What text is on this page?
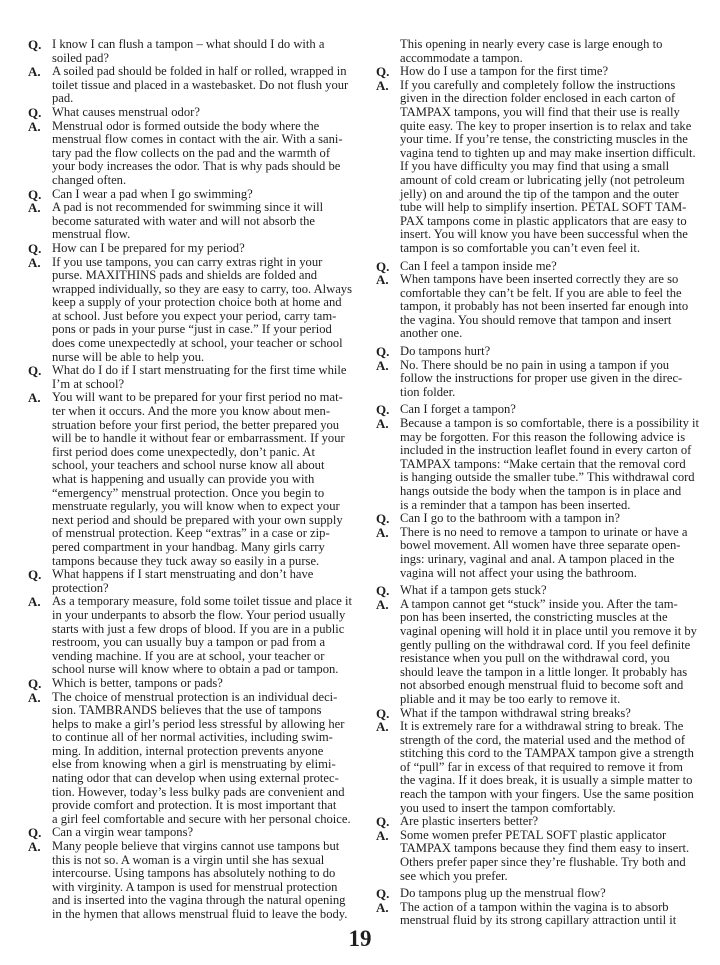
Q. I know I can flush a tampon – what should I do with a
soiled pad?
A. A soiled pad should be folded in half or rolled, wrapped in
toilet tissue and placed in a wastebasket. Do not flush your
pad.
Q. What causes menstrual odor?
A. Menstrual odor is formed outside the body where the
menstrual flow comes in contact with the air. With a sani-
tary pad the flow collects on the pad and the warmth of
your body increases the odor. That is why pads should be
changed often.
Q. Can I wear a pad when I go swimming?
A. A pad is not recommended for swimming since it will
become saturated with water and will not absorb the
menstrual flow.
Q. How can I be prepared for my period?
A. If you use tampons, you can carry extras right in your
purse. MAXITHINS pads and shields are folded and
wrapped individually, so they are easy to carry, too. Always
keep a supply of your protection choice both at home and
at school. Just before you expect your period, carry tam-
pons or pads in your purse “just in case.” If your period
does come unexpectedly at school, your teacher or school
nurse will be able to help you.
Q. What do I do if I start menstruating for the first time while
I’m at school?
A. You will want to be prepared for your first period no mat-
ter when it occurs. And the more you know about men-
struation before your first period, the better prepared you
will be to handle it without fear or embarrassment. If your
first period does come unexpectedly, don’t panic. At
school, your teachers and school nurse know all about
what is happening and usually can provide you with
“emergency” menstrual protection. Once you begin to
menstruate regularly, you will know when to expect your
next period and should be prepared with your own supply
of menstrual protection. Keep “extras” in a case or zip-
pered compartment in your handbag. Many girls carry
tampons because they tuck away so easily in a purse.
Q. What happens if I start menstruating and don’t have
protection?
A. As a temporary measure, fold some toilet tissue and place it
in your underpants to absorb the flow. Your period usually
starts with just a few drops of blood. If you are in a public
restroom, you can usually buy a tampon or pad from a
vending machine. If you are at school, your teacher or
school nurse will know where to obtain a pad or tampon.
Q. Which is better, tampons or pads?
A. The choice of menstrual protection is an individual deci-
sion. TAMBRANDS believes that the use of tampons
helps to make a girl’s period less stressful by allowing her
to continue all of her normal activities, including swim-
ming. In addition, internal protection prevents anyone
else from knowing when a girl is menstruating by elimi-
nating odor that can develop when using external protec-
tion. However, today’s less bulky pads are convenient and
provide comfort and protection. It is most important that
a girl feel comfortable and secure with her personal choice.
Q. Can a virgin wear tampons?
A. Many people believe that virgins cannot use tampons but
this is not so. A woman is a virgin until she has sexual
intercourse. Using tampons has absolutely nothing to do
with virginity. A tampon is used for menstrual protection
and is inserted into the vagina through the natural opening
in the hymen that allows menstrual fluid to leave the body.
This opening in nearly every case is large enough to
accommodate a tampon.
Q. How do I use a tampon for the first time?
A. If you carefully and completely follow the instructions
given in the direction folder enclosed in each carton of
TAMPAX tampons, you will find that their use is really
quite easy. The key to proper insertion is to relax and take
your time. If you’re tense, the constricting muscles in the
vagina tend to tighten up and may make insertion difficult.
If you have difficulty you may find that using a small
amount of cold cream or lubricating jelly (not petroleum
jelly) on and around the tip of the tampon and the outer
tube will help to simplify insertion. PETAL SOFT TAM-
PAX tampons come in plastic applicators that are easy to
insert. You will know you have been successful when the
tampon is so comfortable you can’t even feel it.
Q. Can I feel a tampon inside me?
A. When tampons have been inserted correctly they are so
comfortable they can’t be felt. If you are able to feel the
tampon, it probably has not been inserted far enough into
the vagina. You should remove that tampon and insert
another one.
Q. Do tampons hurt?
A. No. There should be no pain in using a tampon if you
follow the instructions for proper use given in the direc-
tion folder.
Q. Can I forget a tampon?
A. Because a tampon is so comfortable, there is a possibility it
may be forgotten. For this reason the following advice is
included in the instruction leaflet found in every carton of
TAMPAX tampons: “Make certain that the removal cord
is hanging outside the smaller tube.” This withdrawal cord
hangs outside the body when the tampon is in place and
is a reminder that a tampon has been inserted.
Q. Can I go to the bathroom with a tampon in?
A. There is no need to remove a tampon to urinate or have a
bowel movement. All women have three separate open-
ings: urinary, vaginal and anal. A tampon placed in the
vagina will not affect your using the bathroom.
Q. What if a tampon gets stuck?
A. A tampon cannot get “stuck” inside you. After the tam-
pon has been inserted, the constricting muscles at the
vaginal opening will hold it in place until you remove it by
gently pulling on the withdrawal cord. If you feel definite
resistance when you pull on the withdrawal cord, you
should leave the tampon in a little longer. It probably has
not absorbed enough menstrual fluid to become soft and
pliable and it may be too early to remove it.
Q. What if the tampon withdrawal string breaks?
A. It is extremely rare for a withdrawal string to break. The
strength of the cord, the material used and the method of
stitching this cord to the TAMPAX tampon give a strength
of “pull” far in excess of that required to remove it from
the vagina. If it does break, it is usually a simple matter to
reach the tampon with your fingers. Use the same position
you used to insert the tampon comfortably.
Q. Are plastic inserters better?
A. Some women prefer PETAL SOFT plastic applicator
TAMPAX tampons because they find them easy to insert.
Others prefer paper since they’re flushable. Try both and
see which you prefer.
Q. Do tampons plug up the menstrual flow?
A. The action of a tampon within the vagina is to absorb
menstrual fluid by its strong capillary attraction until it
19
